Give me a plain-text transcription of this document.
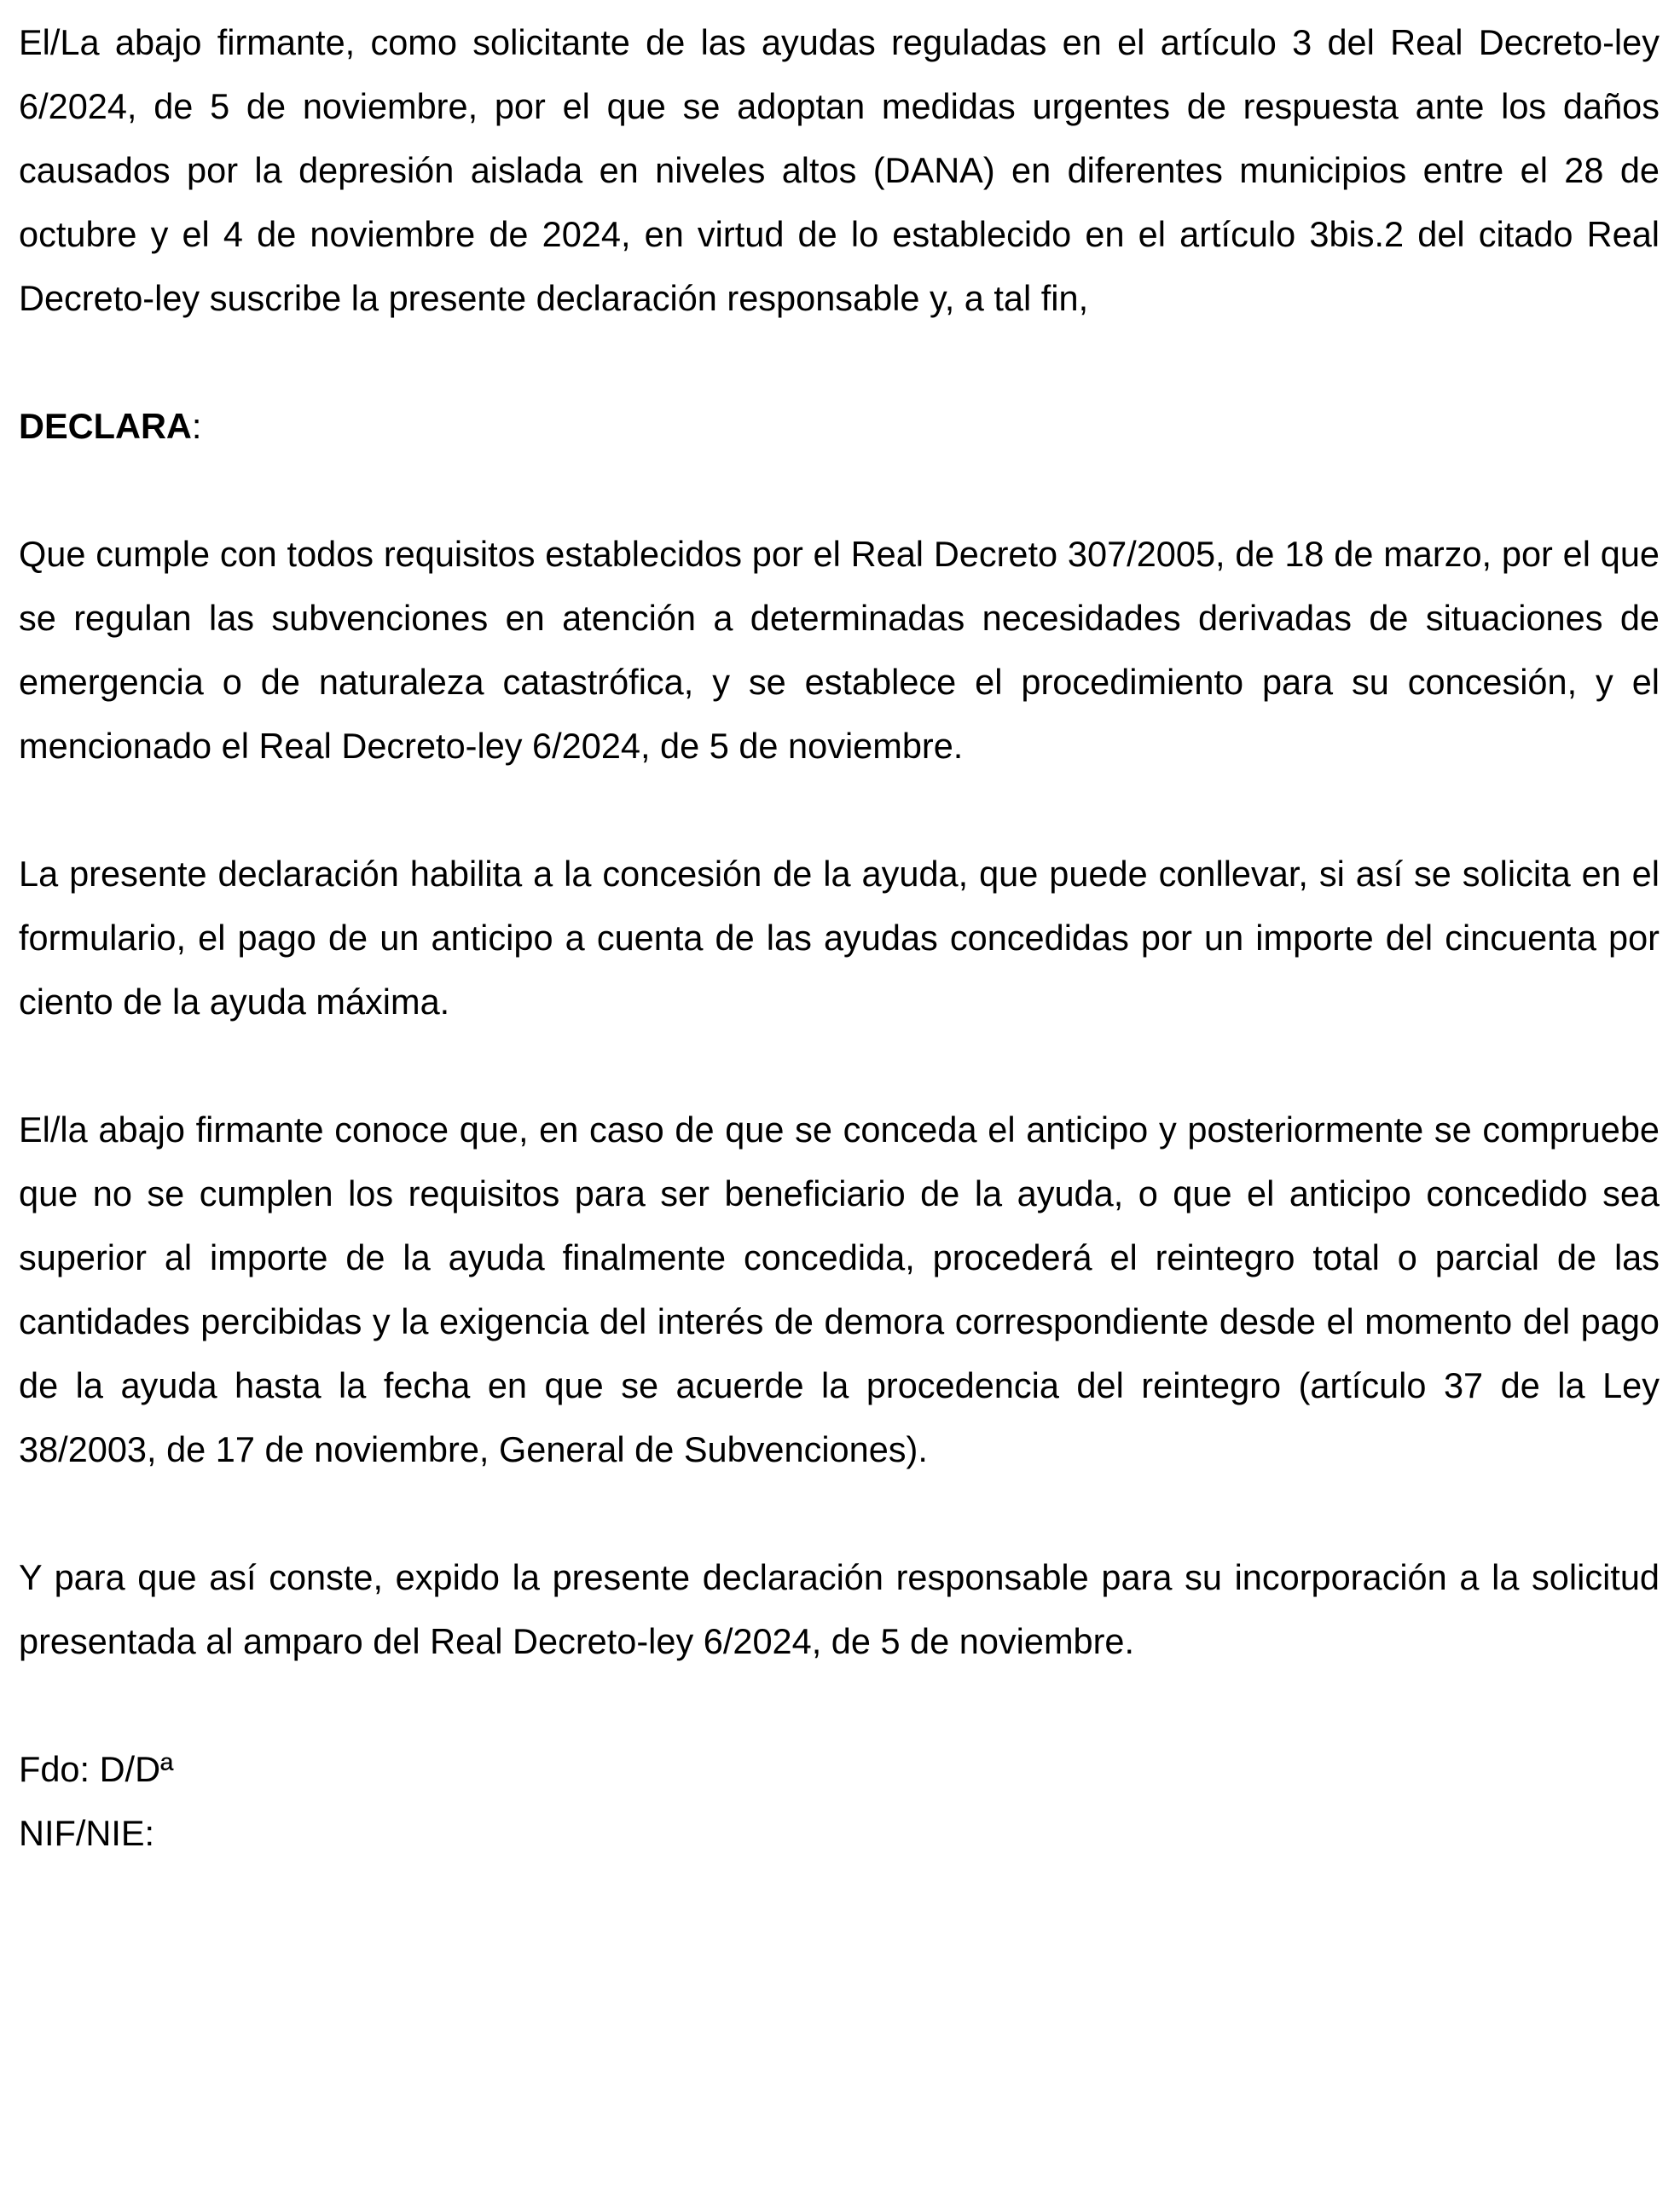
El/La abajo firmante, como solicitante de las ayudas reguladas en el artículo 3 del Real Decreto-ley 6/2024, de 5 de noviembre, por el que se adoptan medidas urgentes de respuesta ante los daños causados por la depresión aislada en niveles altos (DANA) en diferentes municipios entre el 28 de octubre y el 4 de noviembre de 2024, en virtud de lo establecido en el artículo 3bis.2 del citado Real Decreto-ley suscribe la presente declaración responsable y, a tal fin,

DECLARA:

Que cumple con todos requisitos establecidos por el Real Decreto 307/2005, de 18 de marzo, por el que se regulan las subvenciones en atención a determinadas necesidades derivadas de situaciones de emergencia o de naturaleza catastrófica, y se establece el procedimiento para su concesión, y el mencionado el Real Decreto-ley 6/2024, de 5 de noviembre.

La presente declaración habilita a la concesión de la ayuda, que puede conllevar, si así se solicita en el formulario, el pago de un anticipo a cuenta de las ayudas concedidas por un importe del cincuenta por ciento de la ayuda máxima.

El/la abajo firmante conoce que, en caso de que se conceda el anticipo y posteriormente se compruebe que no se cumplen los requisitos para ser beneficiario de la ayuda, o que el anticipo concedido sea superior al importe de la ayuda finalmente concedida, procederá el reintegro total o parcial de las cantidades percibidas y la exigencia del interés de demora correspondiente desde el momento del pago de la ayuda hasta la fecha en que se acuerde la procedencia del reintegro (artículo 37 de la Ley 38/2003, de 17 de noviembre, General de Subvenciones).

Y para que así conste, expido la presente declaración responsable para su incorporación a la solicitud presentada al amparo del Real Decreto-ley 6/2024, de 5 de noviembre.

Fdo: D/Dª

NIF/NIE:
